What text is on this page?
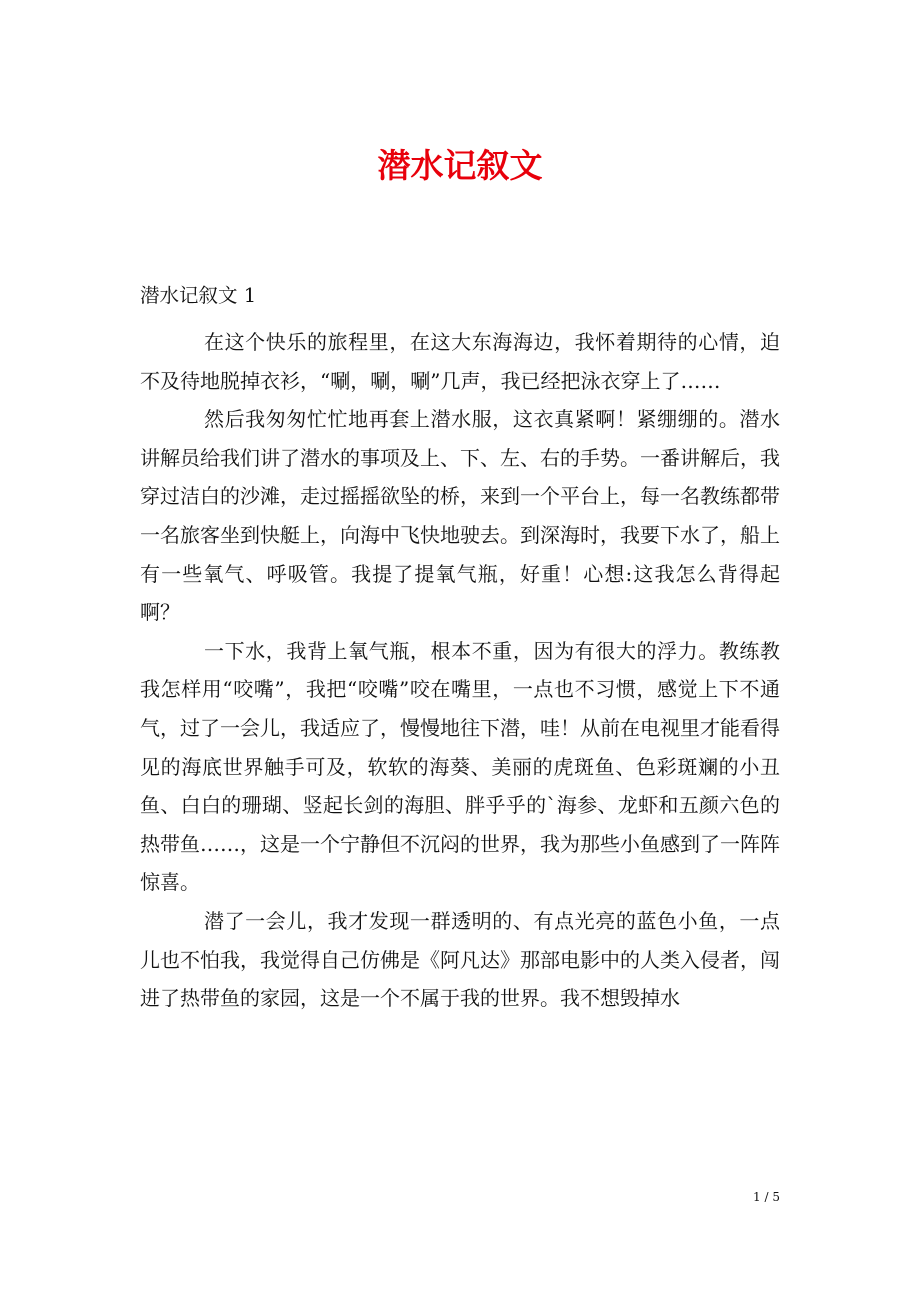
潜水记叙文

潜水记叙文 1

在这个快乐的旅程里，在这大东海海边，我怀着期待的心情，迫不及待地脱掉衣衫，“唰，唰，唰”几声，我已经把泳衣穿上了……

然后我匆匆忙忙地再套上潜水服，这衣真紧啊！紧绷绷的。潜水讲解员给我们讲了潜水的事项及上、下、左、右的手势。一番讲解后，我穿过洁白的沙滩，走过摇摇欲坠的桥，来到一个平台上，每一名教练都带一名旅客坐到快艇上，向海中飞快地驶去。到深海时，我要下水了，船上有一些氧气、呼吸管。我提了提氧气瓶，好重！心想:这我怎么背得起啊？

一下水，我背上氧气瓶，根本不重，因为有很大的浮力。教练教我怎样用“咬嘴”，我把“咬嘴”咬在嘴里，一点也不习惯，感觉上下不通气，过了一会儿，我适应了，慢慢地往下潜，哇！从前在电视里才能看得见的海底世界触手可及，软软的海葵、美丽的虎斑鱼、色彩斑斓的小丑鱼、白白的珊瑚、竖起长剑的海胆、胖乎乎的`海参、龙虾和五颜六色的热带鱼……，这是一个宁静但不沉闷的世界，我为那些小鱼感到了一阵阵惊喜。

潜了一会儿，我才发现一群透明的、有点光亮的蓝色小鱼，一点儿也不怕我，我觉得自己仿佛是《阿凡达》那部电影中的人类入侵者，闯进了热带鱼的家园，这是一个不属于我的世界。我不想毁掉水

1 / 5
